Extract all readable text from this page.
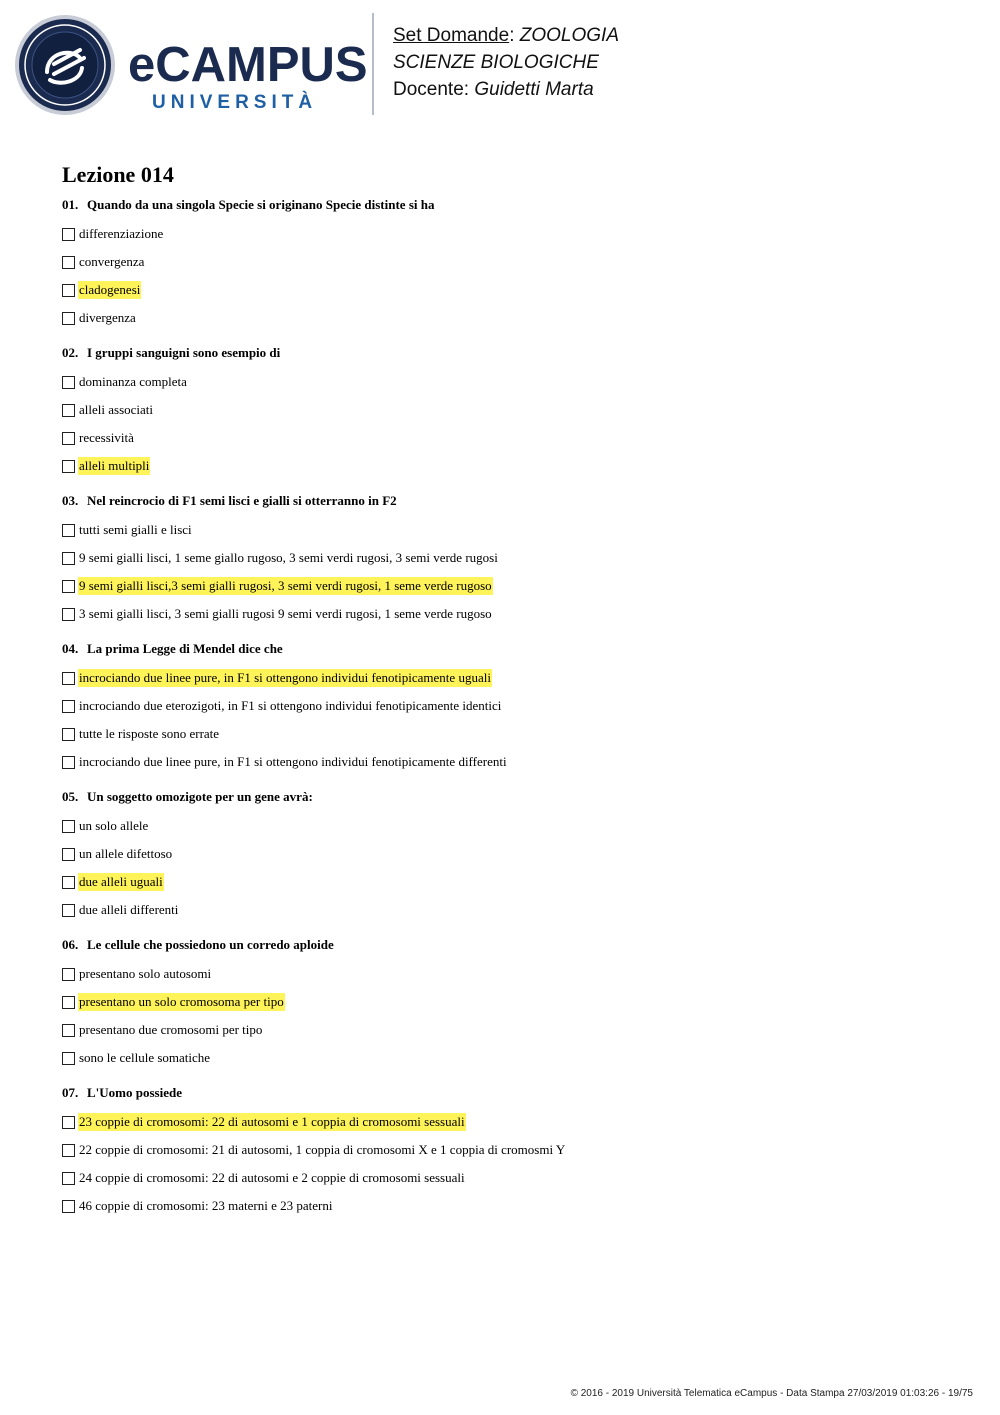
eCAMPUS
UNIVERSITÀ
Set Domande: ZOOLOGIA
SCIENZE BIOLOGICHE
Docente: Guidetti Marta
Lezione 014
01. Quando da una singola Specie si originano Specie distinte si ha
differenziazione
convergenza
cladogenesi
divergenza
02. I gruppi sanguigni sono esempio di
dominanza completa
alleli associati
recessività
alleli multipli
03. Nel reincrocio di F1 semi lisci e gialli si otterranno in F2
tutti semi gialli e lisci
9 semi gialli lisci, 1 seme giallo rugoso, 3 semi verdi rugosi, 3 semi verde rugosi
9 semi gialli lisci,3 semi gialli rugosi, 3 semi verdi rugosi, 1 seme verde rugoso
3 semi gialli lisci, 3 semi gialli rugosi 9 semi verdi rugosi, 1 seme verde rugoso
04. La prima Legge di Mendel dice che
incrociando due linee pure, in F1 si ottengono individui fenotipicamente uguali
incrociando due eterozigoti, in F1 si ottengono individui fenotipicamente identici
tutte le risposte sono errate
incrociando due linee pure, in F1 si ottengono individui fenotipicamente differenti
05. Un soggetto omozigote per un gene avrà:
un solo allele
un allele difettoso
due alleli uguali
due alleli differenti
06. Le cellule che possiedono un corredo aploide
presentano solo autosomi
presentano un solo cromosoma per tipo
presentano due cromosomi per tipo
sono le cellule somatiche
07. L'Uomo possiede
23 coppie di cromosomi: 22 di autosomi e 1 coppia di cromosomi sessuali
22 coppie di cromosomi: 21 di autosomi, 1 coppia di cromosomi X e 1 coppia di cromosmi Y
24 coppie di cromosomi: 22 di autosomi e 2 coppie di cromosomi sessuali
46 coppie di cromosomi: 23 materni e 23 paterni
© 2016 - 2019 Università Telematica eCampus - Data Stampa 27/03/2019 01:03:26 - 19/75
